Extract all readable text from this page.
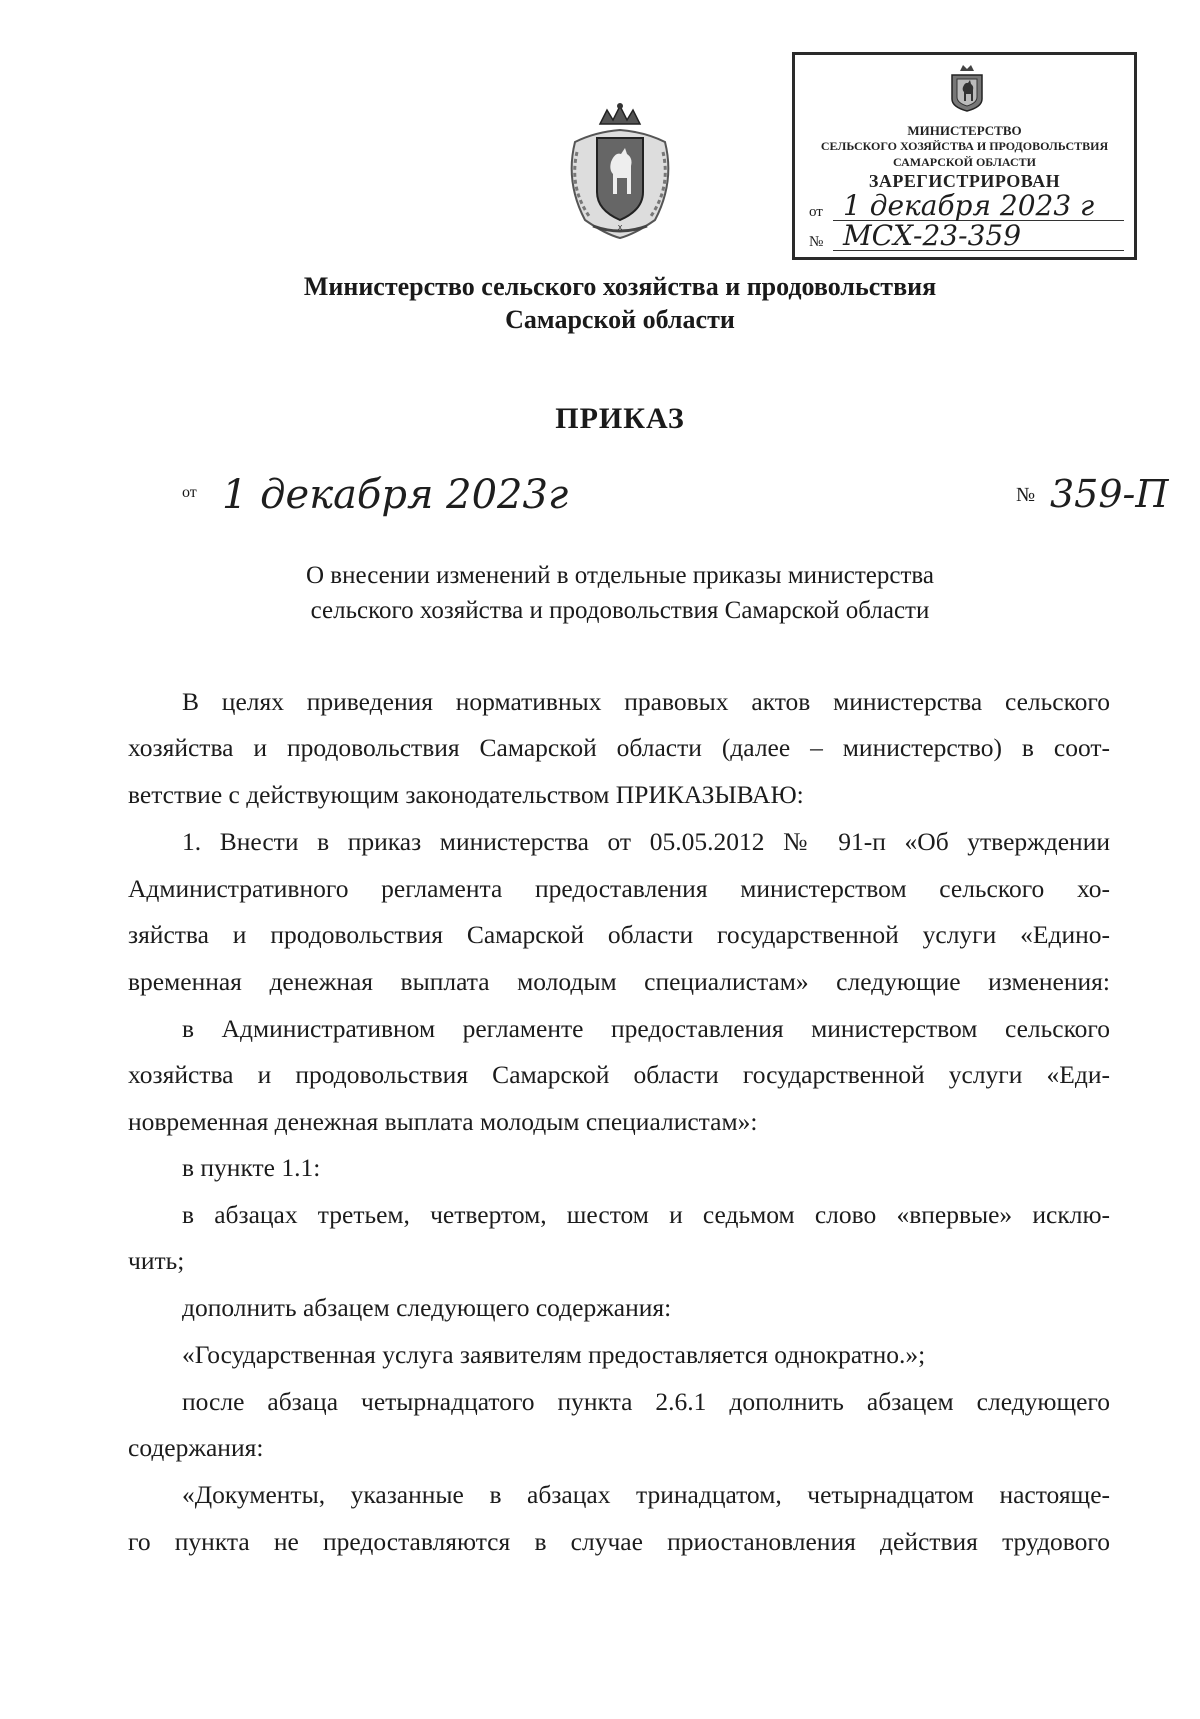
X
МИНИСТЕРСТВО
СЕЛЬСКОГО ХОЗЯЙСТВА И ПРОДОВОЛЬСТВИЯ
САМАРСКОЙ ОБЛАСТИ
ЗАРЕГИСТРИРОВАН
от 1 декабря 2023 г
№ МСХ-23-359
Министерство сельского хозяйства и продовольствия
Самарской области
ПРИКАЗ
от 1 декабря 2023г	№ 359-П
О внесении изменений в отдельные приказы министерства
сельского хозяйства и продовольствия Самарской области
В целях приведения нормативных правовых актов министерства сельского
хозяйства и продовольствия Самарской области (далее – министерство) в соот-
ветствие с действующим законодательством ПРИКАЗЫВАЮ:
1. Внести в приказ министерства от 05.05.2012 № 91-п «Об утверждении
Административного регламента предоставления министерством сельского хо-
зяйства и продовольствия Самарской области государственной услуги «Едино-
временная денежная выплата молодым специалистам» следующие изменения:
в Административном регламенте предоставления министерством сельского
хозяйства и продовольствия Самарской области государственной услуги «Еди-
новременная денежная выплата молодым специалистам»:
в пункте 1.1:
в абзацах третьем, четвертом, шестом и седьмом слово «впервые» исклю-
чить;
дополнить абзацем следующего содержания:
«Государственная услуга заявителям предоставляется однократно.»;
после абзаца четырнадцатого пункта 2.6.1 дополнить абзацем следующего
содержания:
«Документы, указанные в абзацах тринадцатом, четырнадцатом настояще-
го пункта не предоставляются в случае приостановления действия трудового
